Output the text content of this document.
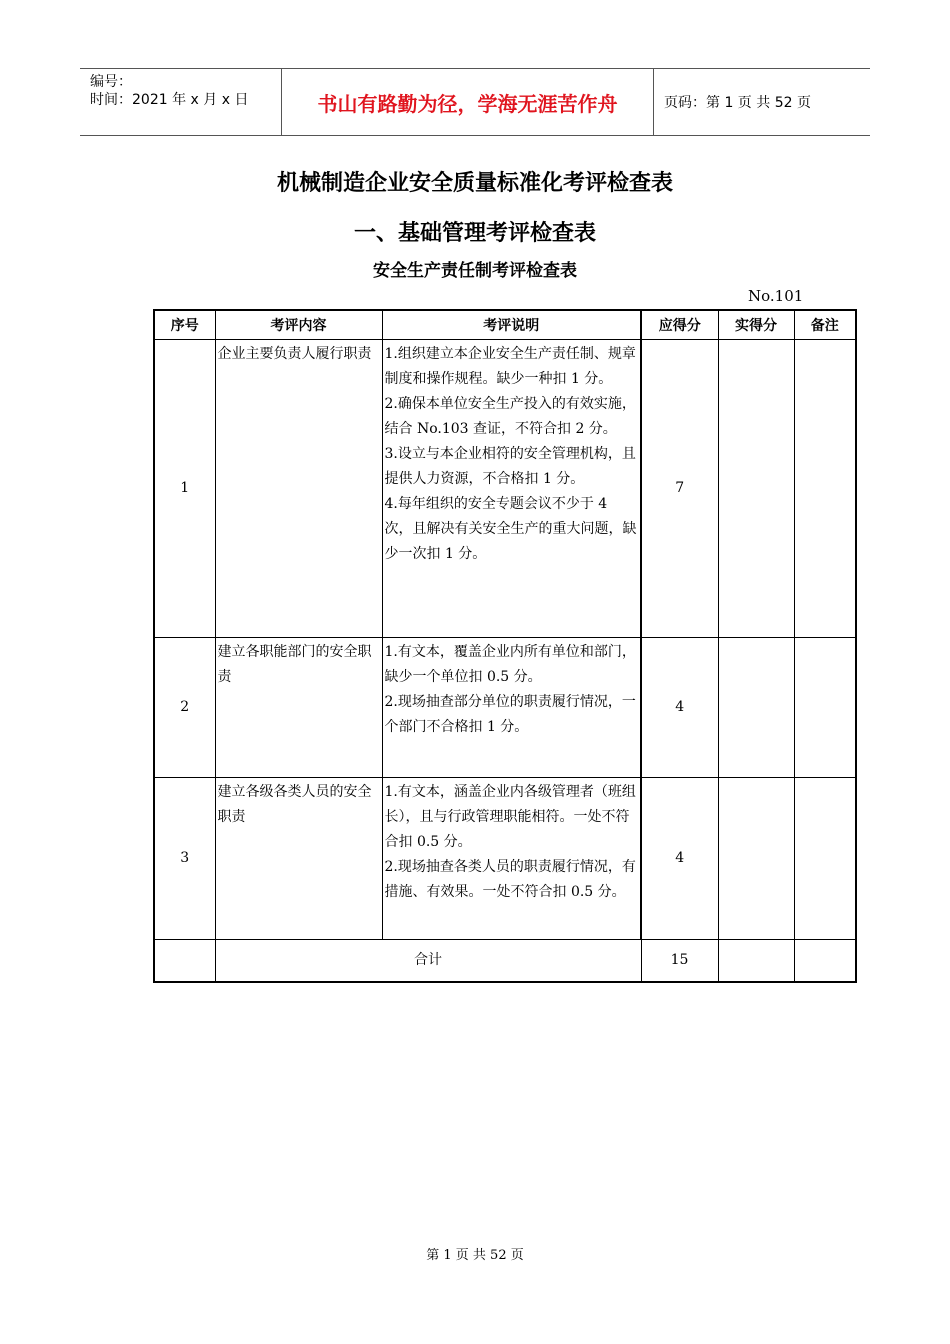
编号：
时间：2021 年 x 月 x 日	书山有路勤为径，学海无涯苦作舟	页码：第 1 页 共 52 页
机械制造企业安全质量标准化考评检查表
一、基础管理考评检查表
安全生产责任制考评检查表
No.101
序号	考评内容	考评说明	应得分	实得分	备注
1	企业主要负责人履行职责	1.组织建立本企业安全生产责任制、规章制度和操作规程。缺少一种扣 1 分。
2.确保本单位安全生产投入的有效实施，结合 No.103 查证，不符合扣 2 分。
3.设立与本企业相符的安全管理机构，且提供人力资源，不合格扣 1 分。
4.每年组织的安全专题会议不少于 4 次，且解决有关安全生产的重大问题，缺少一次扣 1 分。	7		
2	建立各职能部门的安全职责	1.有文本，覆盖企业内所有单位和部门，缺少一个单位扣 0.5 分。
2.现场抽查部分单位的职责履行情况，一个部门不合格扣 1 分。	4		
3	建立各级各类人员的安全职责	1.有文本，涵盖企业内各级管理者（班组长），且与行政管理职能相符。一处不符合扣 0.5 分。
2.现场抽查各类人员的职责履行情况，有措施、有效果。一处不符合扣 0.5 分。	4		
	合计		15		
第 1 页 共 52 页
